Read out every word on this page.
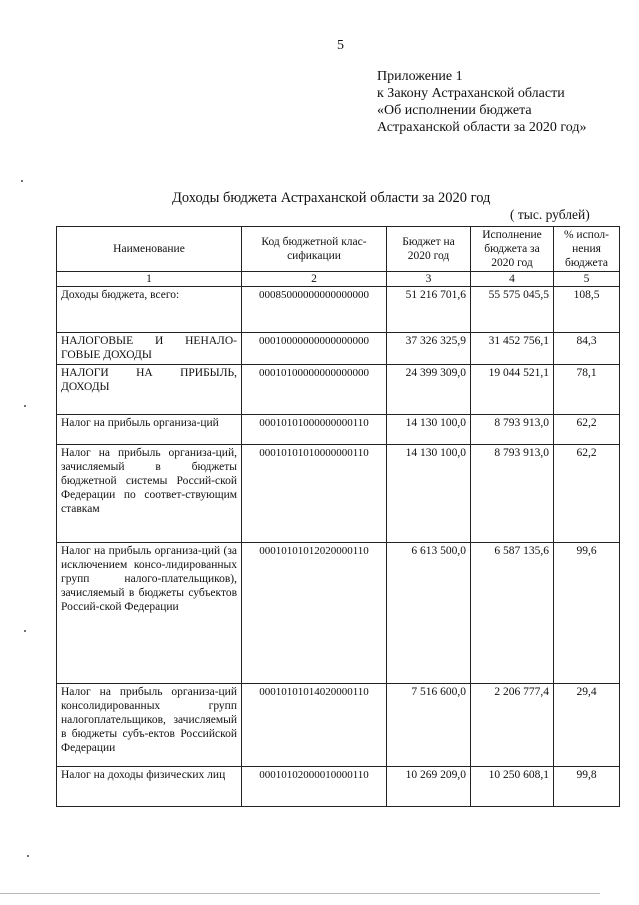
5
Приложение 1
к Закону Астраханской области
«Об исполнении бюджета
Астраханской области за 2020 год»
Доходы бюджета Астраханской области за 2020 год
( тыс. рублей)
Наименование	Код бюджетной клас-сификации	Бюджет на 2020 год	Исполнение бюджета за 2020 год	% испол-нения бюджета
1	2	3	4	5
Доходы бюджета, всего:	00085000000000000000	51 216 701,6	55 575 045,5	108,5
НАЛОГОВЫЕ И НЕНАЛО-ГОВЫЕ ДОХОДЫ	00010000000000000000	37 326 325,9	31 452 756,1	84,3
НАЛОГИ НА ПРИБЫЛЬ, ДОХОДЫ	00010100000000000000	24 399 309,0	19 044 521,1	78,1
Налог на прибыль организа-ций	00010101000000000110	14 130 100,0	8 793 913,0	62,2
Налог на прибыль организа-ций, зачисляемый в бюджеты бюджетной системы Россий-ской Федерации по соответ-ствующим ставкам	00010101010000000110	14 130 100,0	8 793 913,0	62,2
Налог на прибыль организа-ций (за исключением консо-лидированных групп налого-плательщиков), зачисляемый в бюджеты субъектов Россий-ской Федерации	00010101012020000110	6 613 500,0	6 587 135,6	99,6
Налог на прибыль организа-ций консолидированных групп налогоплательщиков, зачисляемый в бюджеты субъ-ектов Российской Федерации	00010101014020000110	7 516 600,0	2 206 777,4	29,4
Налог на доходы физических лиц	00010102000010000110	10 269 209,0	10 250 608,1	99,8
